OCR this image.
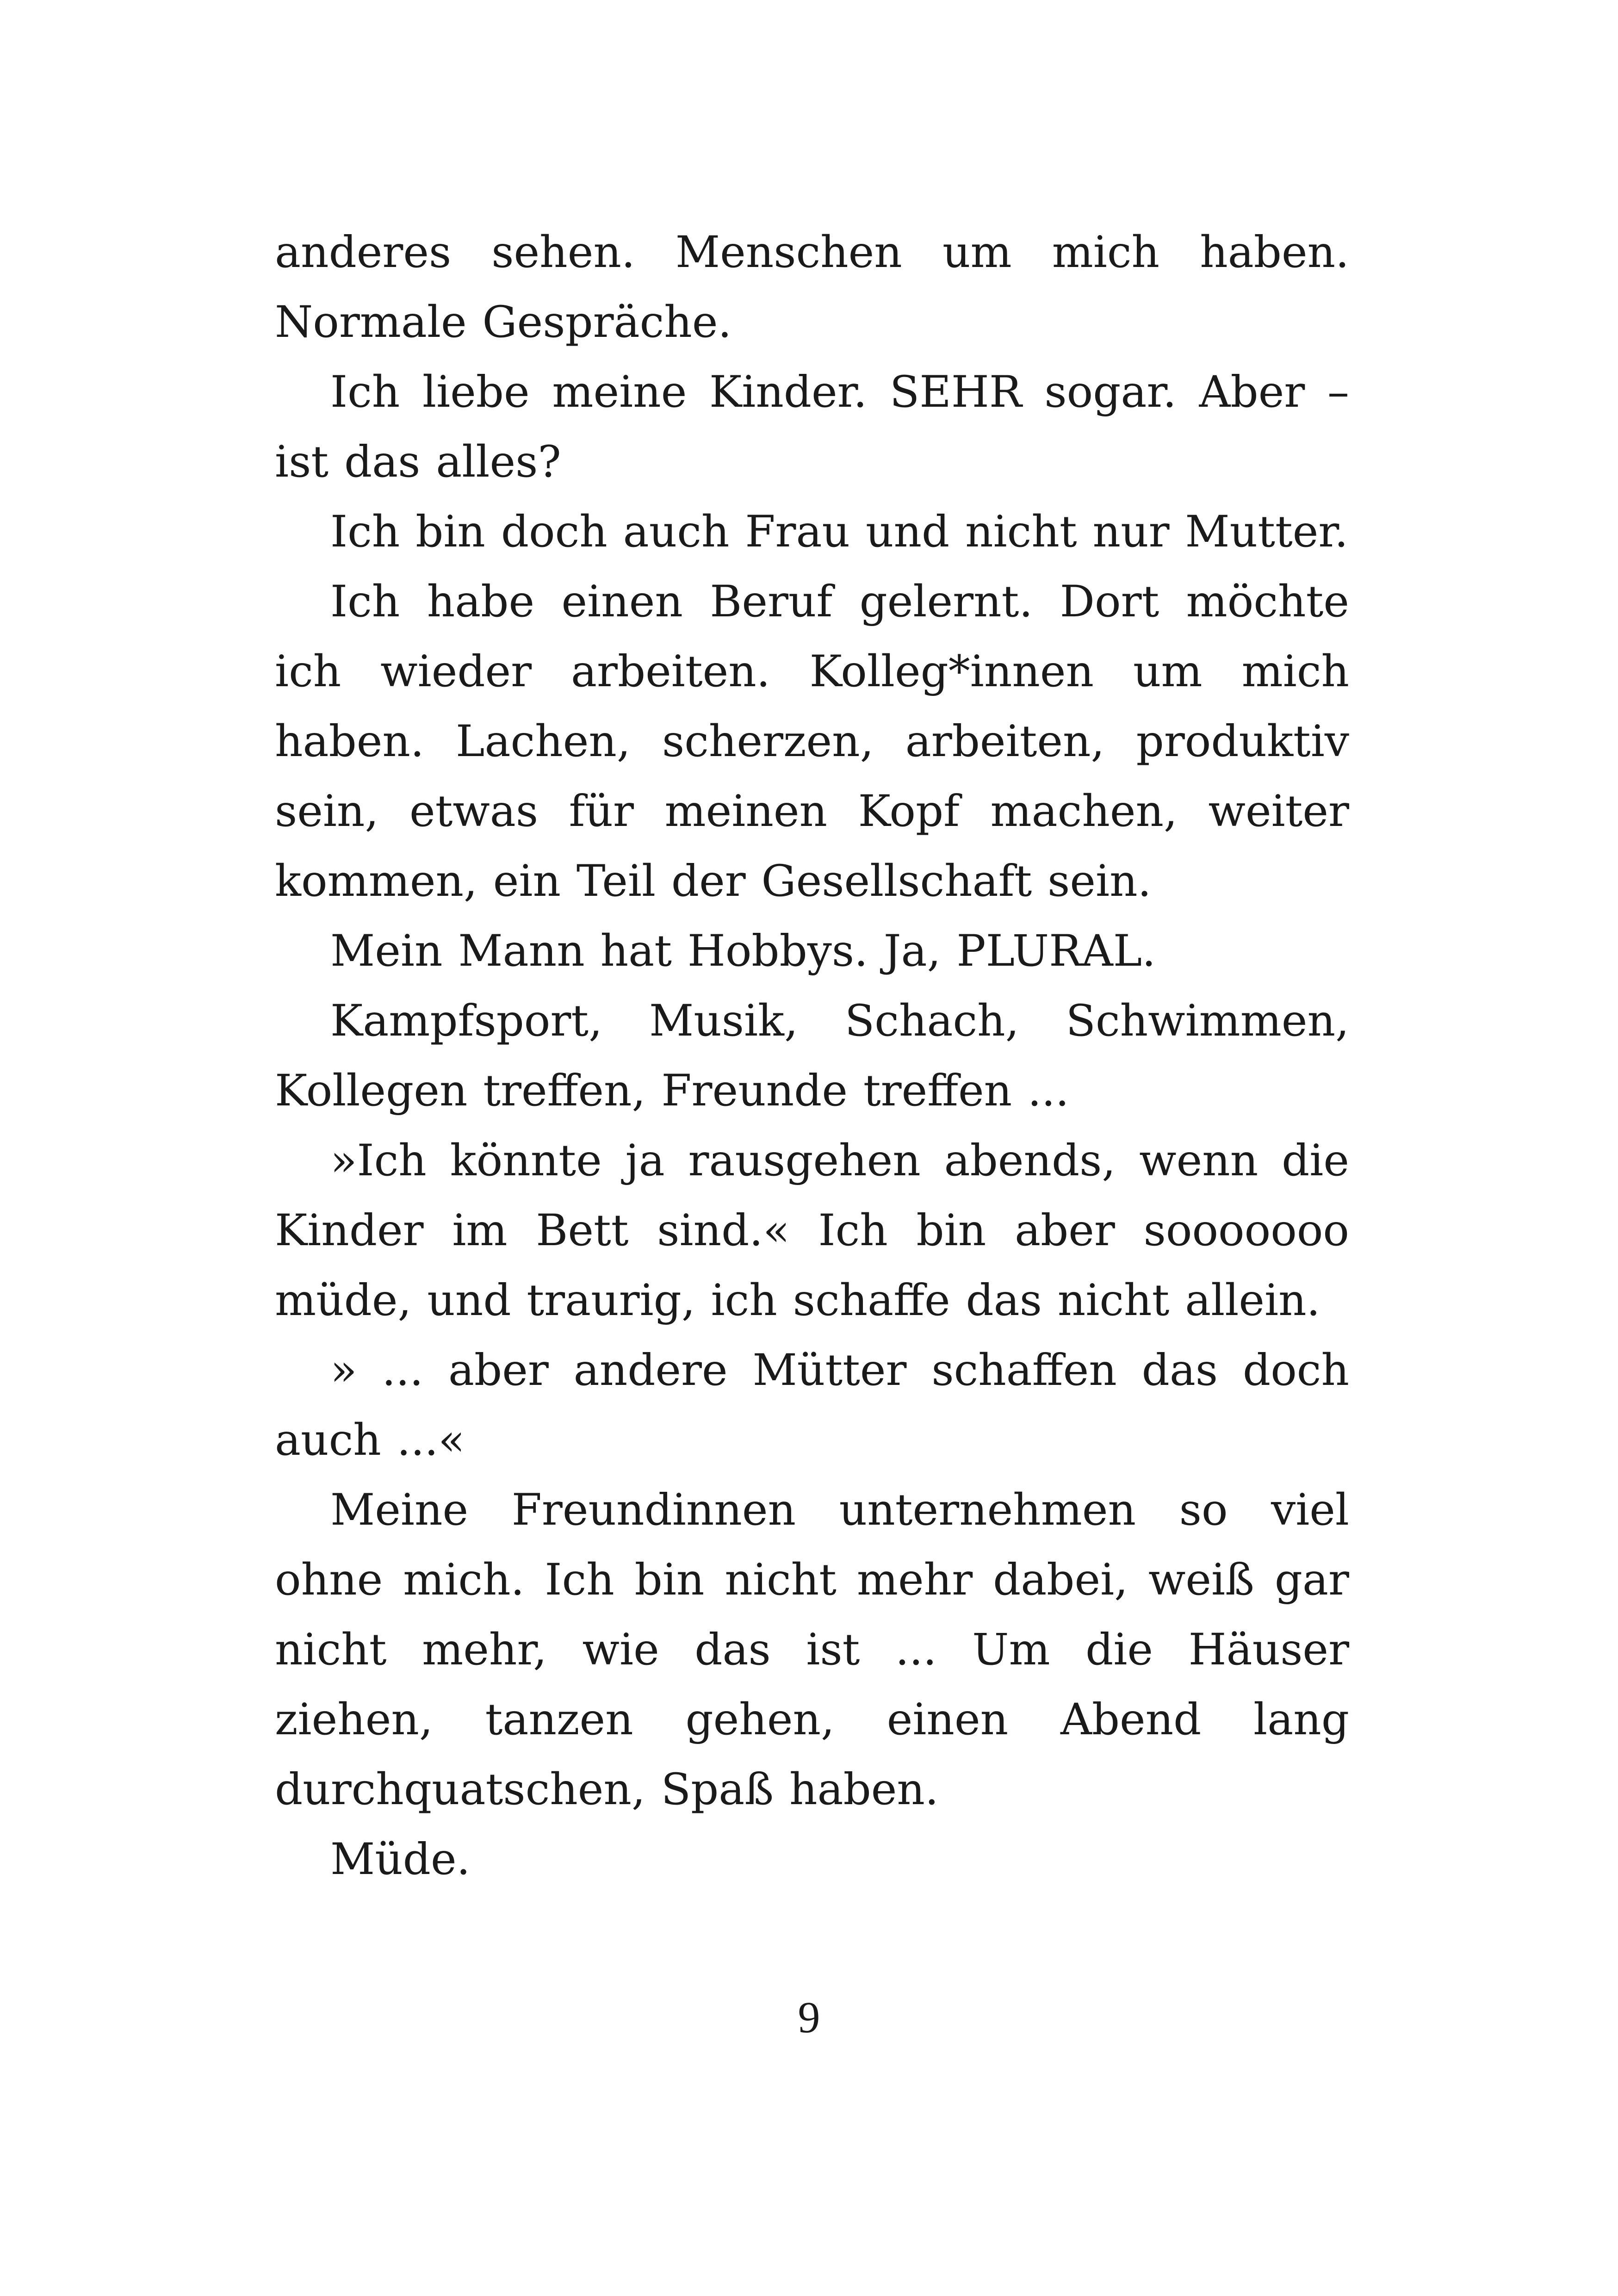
anderes sehen. Menschen um mich haben. Normale Gespräche.

Ich liebe meine Kinder. SEHR sogar. Aber – ist das alles?

Ich bin doch auch Frau und nicht nur Mutter.

Ich habe einen Beruf gelernt. Dort möchte ich wieder arbeiten. Kolleg*innen um mich haben. Lachen, scherzen, arbeiten, produktiv sein, etwas für meinen Kopf machen, weiter kommen, ein Teil der Gesellschaft sein.

Mein Mann hat Hobbys. Ja, PLURAL.

Kampfsport, Musik, Schach, Schwimmen, Kollegen treffen, Freunde treffen ...

»Ich könnte ja rausgehen abends, wenn die Kinder im Bett sind.« Ich bin aber sooooooo müde, und traurig, ich schaffe das nicht allein.

» ... aber andere Mütter schaffen das doch auch ...«

Meine Freundinnen unternehmen so viel ohne mich. Ich bin nicht mehr dabei, weiß gar nicht mehr, wie das ist ... Um die Häuser ziehen, tanzen gehen, einen Abend lang durchquatschen, Spaß haben.

Müde.

9
